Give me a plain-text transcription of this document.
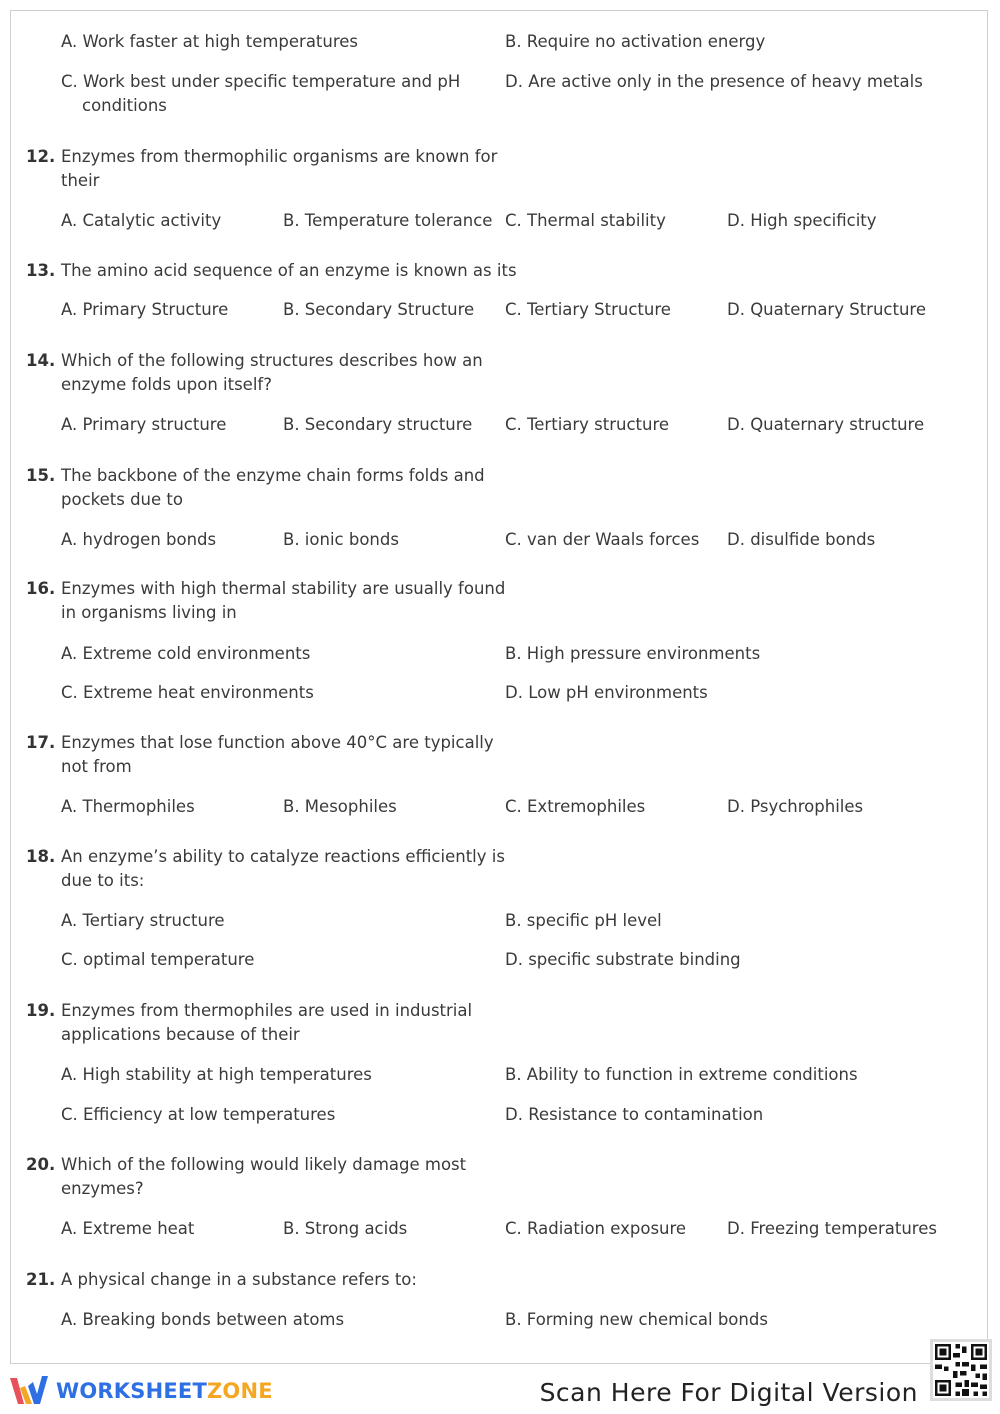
A. Work faster at high temperatures	B. Require no activation energy
C. Work best under specific temperature and pH conditions
D. Are active only in the presence of heavy metals
12. Enzymes from thermophilic organisms are known for their
A. Catalytic activity	B. Temperature tolerance C. Thermal stability	D. High specificity
13. The amino acid sequence of an enzyme is known as its
A. Primary Structure	B. Secondary Structure C. Tertiary Structure	D. Quaternary Structure
14. Which of the following structures describes how an enzyme folds upon itself?
A. Primary structure	B. Secondary structure C. Tertiary structure	D. Quaternary structure
15. The backbone of the enzyme chain forms folds and pockets due to
A. hydrogen bonds	B. ionic bonds	C. van der Waals forces D. disulfide bonds
16. Enzymes with high thermal stability are usually found in organisms living in
A. Extreme cold environments	B. High pressure environments
C. Extreme heat environments	D. Low pH environments
17. Enzymes that lose function above 40°C are typically not from
A. Thermophiles	B. Mesophiles	C. Extremophiles	D. Psychrophiles
18. An enzyme’s ability to catalyze reactions efficiently is due to its:
A. Tertiary structure	B. specific pH level
C. optimal temperature	D. specific substrate binding
19. Enzymes from thermophiles are used in industrial applications because of their
A. High stability at high temperatures	B. Ability to function in extreme conditions
C. Efficiency at low temperatures	D. Resistance to contamination
20. Which of the following would likely damage most enzymes?
A. Extreme heat	B. Strong acids	C. Radiation exposure D. Freezing temperatures
21. A physical change in a substance refers to:
A. Breaking bonds between atoms	B. Forming new chemical bonds
WORKSHEETZONE	Scan Here For Digital Version
